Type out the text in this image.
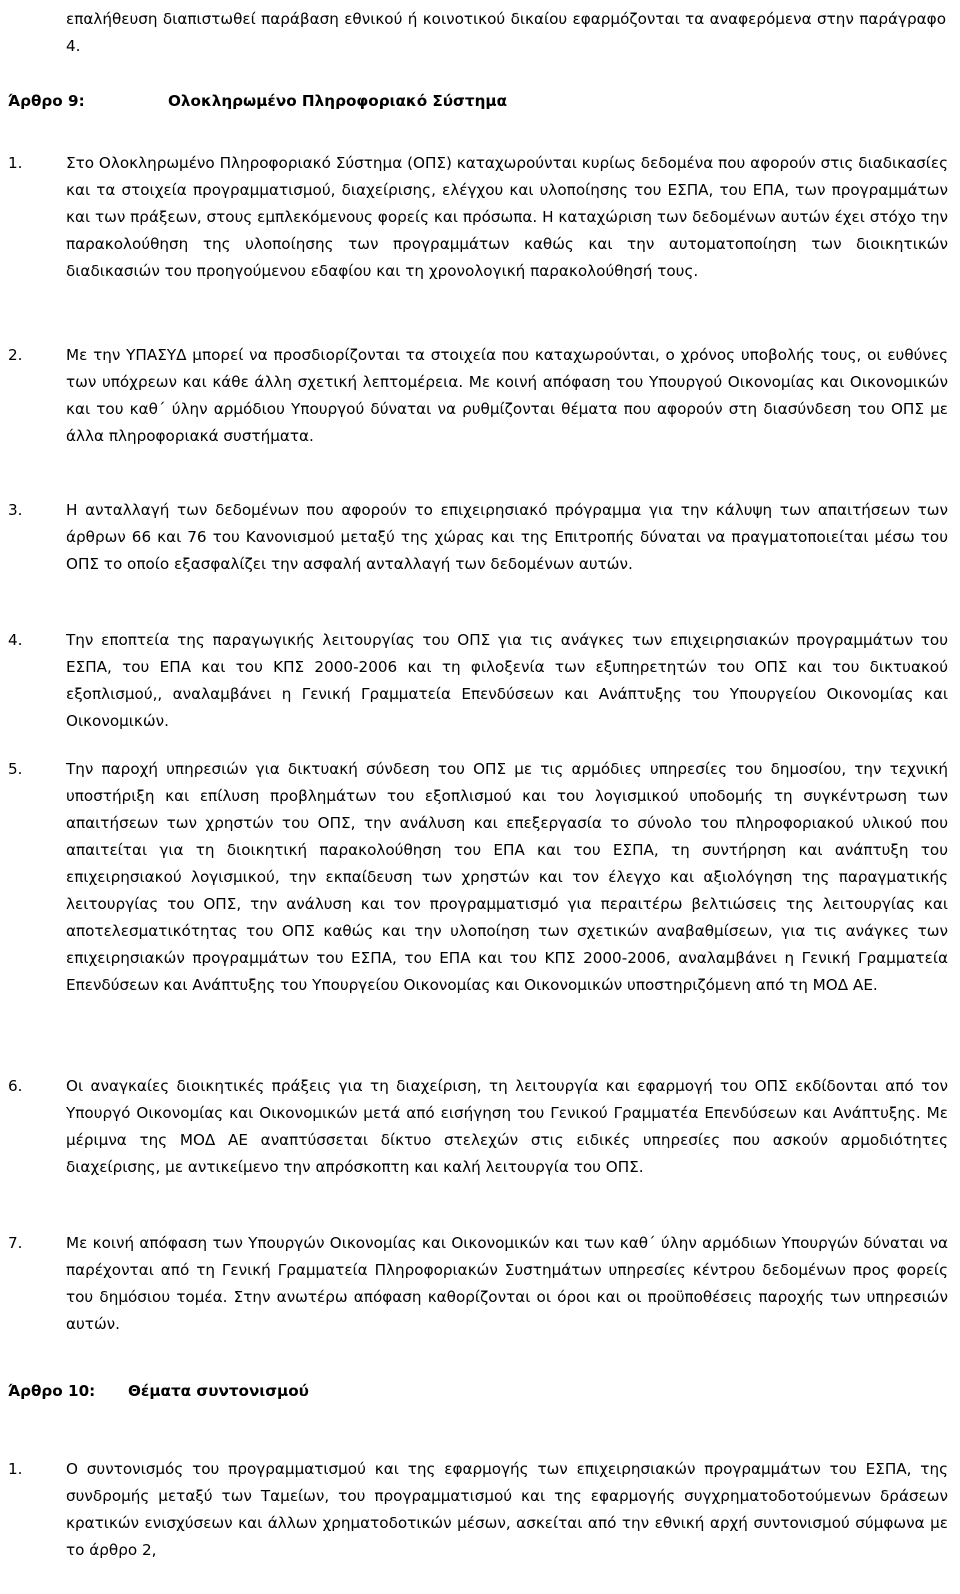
επαλήθευση διαπιστωθεί παράβαση εθνικού ή κοινοτικού δικαίου εφαρμόζονται τα αναφερόμενα στην παράγραφο 4.
Άρθρο 9:	Ολοκληρωμένο Πληροφοριακό Σύστημα
1.	Στο Ολοκληρωμένο Πληροφοριακό Σύστημα (ΟΠΣ) καταχωρούνται κυρίως δεδομένα που αφορούν στις διαδικασίες και τα στοιχεία προγραμματισμού, διαχείρισης, ελέγχου και υλοποίησης του ΕΣΠΑ, του ΕΠΑ, των προγραμμάτων και των πράξεων, στους εμπλεκόμενους φορείς και πρόσωπα. Η καταχώριση των δεδομένων αυτών έχει στόχο την παρακολούθηση της υλοποίησης των προγραμμάτων καθώς και την αυτοματοποίηση των διοικητικών διαδικασιών του προηγούμενου εδαφίου και τη χρονολογική παρακολούθησή τους.
2.	Με την ΥΠΑΣΥΔ μπορεί να προσδιορίζονται τα στοιχεία που καταχωρούνται, ο χρόνος υποβολής τους, οι ευθύνες των υπόχρεων και κάθε άλλη σχετική λεπτομέρεια. Με κοινή απόφαση του Υπουργού Οικονομίας και Οικονομικών και του καθ΄ ύλην αρμόδιου Υπουργού δύναται να ρυθμίζονται θέματα που αφορούν στη διασύνδεση του ΟΠΣ με άλλα πληροφοριακά συστήματα.
3.	Η ανταλλαγή των δεδομένων που αφορούν το επιχειρησιακό πρόγραμμα για την κάλυψη των απαιτήσεων των άρθρων 66 και 76 του Κανονισμού μεταξύ της χώρας και της Επιτροπής δύναται να πραγματοποιείται μέσω του ΟΠΣ το οποίο εξασφαλίζει την ασφαλή ανταλλαγή των δεδομένων αυτών.
4.	Την εποπτεία της παραγωγικής λειτουργίας του ΟΠΣ για τις ανάγκες των επιχειρησιακών προγραμμάτων του ΕΣΠΑ, του ΕΠΑ και του ΚΠΣ 2000-2006 και τη φιλοξενία των εξυπηρετητών του ΟΠΣ και του δικτυακού εξοπλισμού,, αναλαμβάνει η Γενική Γραμματεία Επενδύσεων και Ανάπτυξης του Υπουργείου Οικονομίας και Οικονομικών.
5.	Την παροχή υπηρεσιών για δικτυακή σύνδεση του ΟΠΣ με τις αρμόδιες υπηρεσίες του δημοσίου, την τεχνική υποστήριξη και επίλυση προβλημάτων του εξοπλισμού και του λογισμικού υποδομής τη συγκέντρωση των απαιτήσεων των χρηστών του ΟΠΣ, την ανάλυση και επεξεργασία το σύνολο του πληροφοριακού υλικού που απαιτείται για τη διοικητική παρακολούθηση του ΕΠΑ και του ΕΣΠΑ, τη συντήρηση και ανάπτυξη του επιχειρησιακού λογισμικού, την εκπαίδευση των χρηστών και τον έλεγχο και αξιολόγηση της παραγματικής λειτουργίας του ΟΠΣ, την ανάλυση και τον προγραμματισμό για περαιτέρω βελτιώσεις της λειτουργίας και αποτελεσματικότητας του ΟΠΣ καθώς και την υλοποίηση των σχετικών αναβαθμίσεων, για τις ανάγκες των επιχειρησιακών προγραμμάτων του ΕΣΠΑ, του ΕΠΑ και του ΚΠΣ 2000-2006, αναλαμβάνει η Γενική Γραμματεία Επενδύσεων και Ανάπτυξης του Υπουργείου Οικονομίας και Οικονομικών υποστηριζόμενη από τη ΜΟΔ ΑΕ.
6.	Οι αναγκαίες διοικητικές πράξεις για τη διαχείριση, τη λειτουργία και εφαρμογή του ΟΠΣ εκδίδονται από τον Υπουργό Οικονομίας και Οικονομικών μετά από εισήγηση του Γενικού Γραμματέα Επενδύσεων και Ανάπτυξης. Με μέριμνα της ΜΟΔ ΑΕ αναπτύσσεται δίκτυο στελεχών στις ειδικές υπηρεσίες που ασκούν αρμοδιότητες διαχείρισης, με αντικείμενο την απρόσκοπτη και καλή λειτουργία του ΟΠΣ.
7.	Με κοινή απόφαση των Υπουργών Οικονομίας και Οικονομικών και των καθ΄ ύλην αρμόδιων Υπουργών δύναται να παρέχονται από τη Γενική Γραμματεία Πληροφοριακών Συστημάτων υπηρεσίες κέντρου δεδομένων προς φορείς του δημόσιου τομέα. Στην ανωτέρω απόφαση καθορίζονται οι όροι και οι προϋποθέσεις παροχής των υπηρεσιών αυτών.
Άρθρο 10: Θέματα συντονισμού
1.	Ο συντονισμός του προγραμματισμού και της εφαρμογής των επιχειρησιακών προγραμμάτων του ΕΣΠΑ, της συνδρομής μεταξύ των Ταμείων, του προγραμματισμού και της εφαρμογής συγχρηματοδοτούμενων δράσεων κρατικών ενισχύσεων και άλλων χρηματοδοτικών μέσων, ασκείται από την εθνική αρχή συντονισμού σύμφωνα με το άρθρο 2,
